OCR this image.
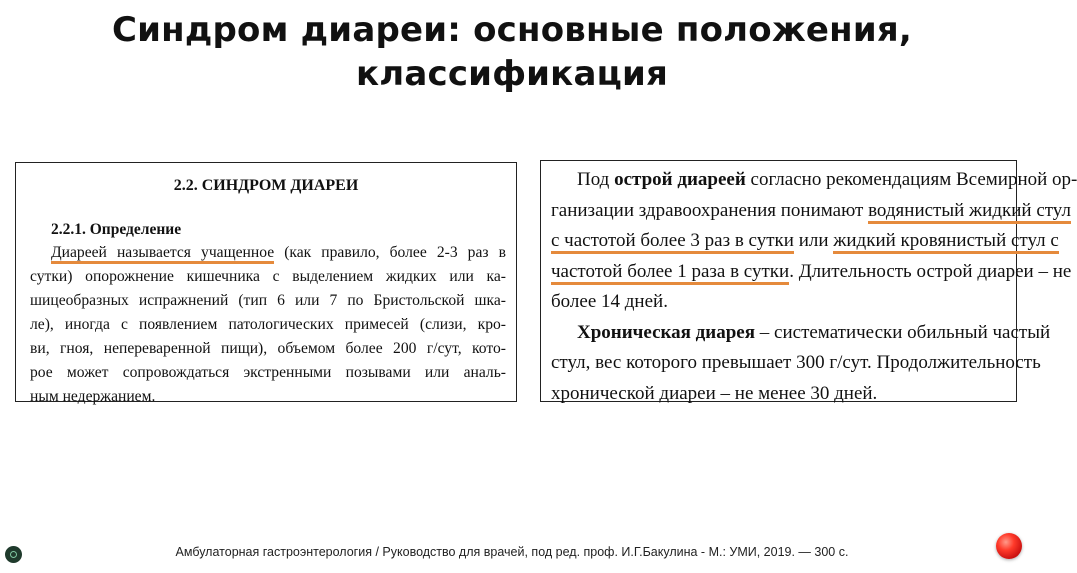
Синдром диареи: основные положения,
классификация
2.2. СИНДРОМ ДИАРЕИ
2.2.1. Определение
Диареей называется учащенное (как правило, более 2-3 раз в
сутки) опорожнение кишечника с выделением жидких или ка-
шицеобразных испражнений (тип 6 или 7 по Бристольской шка-
ле), иногда с появлением патологических примесей (слизи, кро-
ви, гноя, непереваренной пищи), объемом более 200 г/сут, кото-
рое может сопровождаться экстренными позывами или аналь-
ным недержанием.
Под острой диареей согласно рекомендациям Всемирной ор-
ганизации здравоохранения понимают водянистый жидкий стул
с частотой более 3 раз в сутки или жидкий кровянистый стул с
частотой более 1 раза в сутки. Длительность острой диареи – не
более 14 дней.
Хроническая диарея – систематически обильный частый
стул, вес которого превышает 300 г/сут. Продолжительность
хронической диареи – не менее 30 дней.
Амбулаторная гастроэнтерология / Руководство для врачей, под ред. проф. И.Г.Бакулина - М.: УМИ, 2019. — 300 с.
